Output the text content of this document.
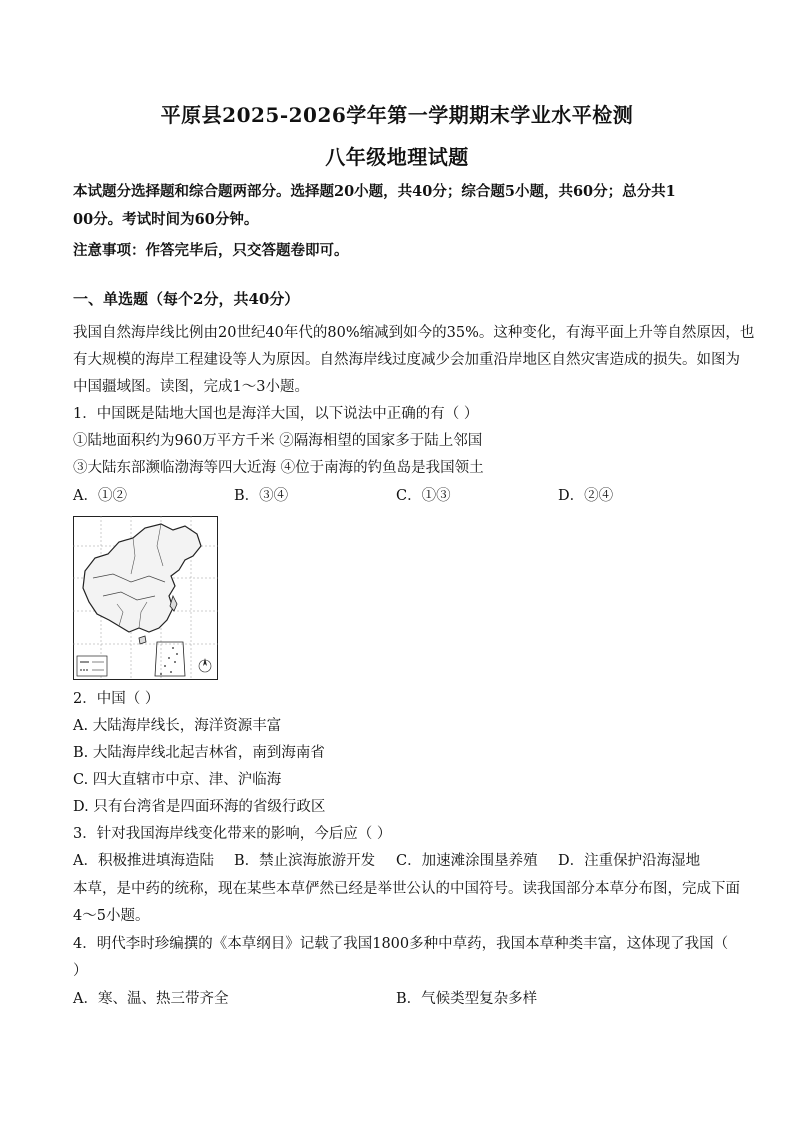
平原县2025-2026学年第一学期期末学业水平检测
八年级地理试题
本试题分选择题和综合题两部分。选择题20小题，共40分；综合题5小题，共60分；总分共1
00分。考试时间为60分钟。
注意事项：作答完毕后，只交答题卷即可。
一、单选题（每个2分，共40分）
我国自然海岸线比例由20世纪40年代的80%缩减到如今的35%。这种变化，有海平面上升等自然原因，也
有大规模的海岸工程建设等人为原因。自然海岸线过度减少会加重沿岸地区自然灾害造成的损失。如图为
中国疆域图。读图，完成1～3小题。
1．中国既是陆地大国也是海洋大国，以下说法中正确的有（ ）
①陆地面积约为960万平方千米 ②隔海相望的国家多于陆上邻国
③大陆东部濒临渤海等四大近海 ④位于南海的钓鱼岛是我国领土
A．①②	B．③④	C．①③	D．②④
2．中国（ ）
A. 大陆海岸线长，海洋资源丰富
B. 大陆海岸线北起吉林省，南到海南省
C. 四大直辖市中京、津、沪临海
D. 只有台湾省是四面环海的省级行政区
3．针对我国海岸线变化带来的影响，今后应（ ）
A．积极推进填海造陆 B．禁止滨海旅游开发 C．加速滩涂围垦养殖 D．注重保护沿海湿地
本草，是中药的统称，现在某些本草俨然已经是举世公认的中国符号。读我国部分本草分布图，完成下面
4～5小题。
4．明代李时珍编撰的《本草纲目》记载了我国1800多种中草药，我国本草种类丰富，这体现了我国（
）
A．寒、温、热三带齐全	B．气候类型复杂多样
